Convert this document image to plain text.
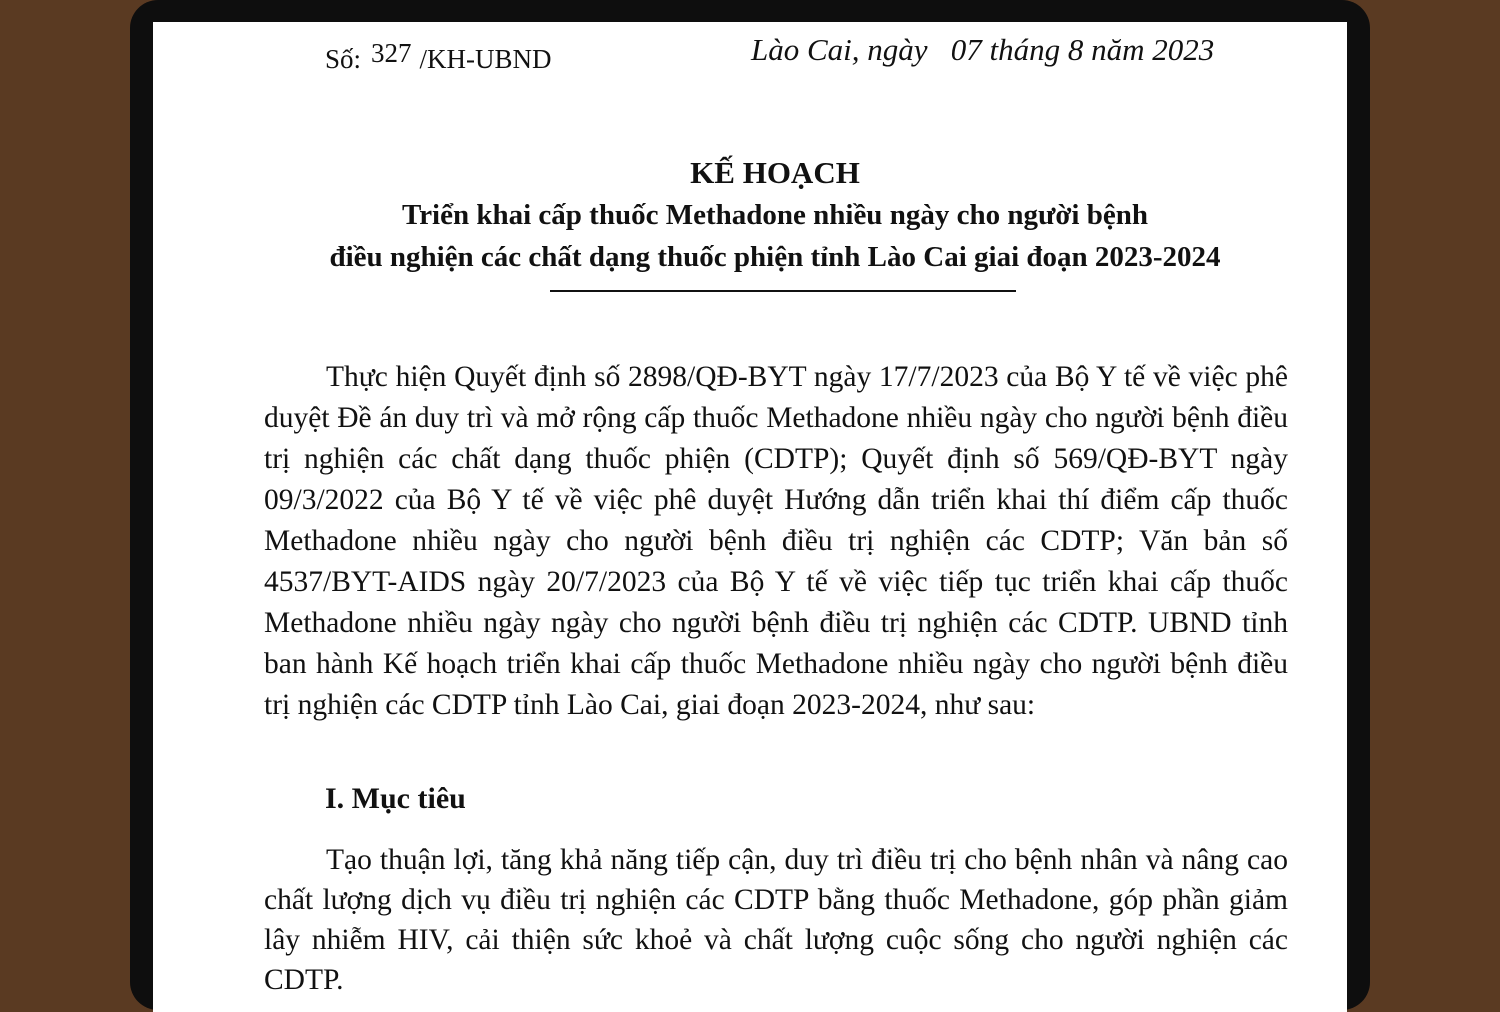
Số: 327 /KH-UBND	Lào Cai, ngày   07 tháng 8 năm 2023
KẾ HOẠCH
Triển khai cấp thuốc Methadone nhiều ngày cho người bệnh
điều nghiện các chất dạng thuốc phiện tỉnh Lào Cai giai đoạn 2023-2024

Thực hiện Quyết định số 2898/QĐ-BYT ngày 17/7/2023 của Bộ Y tế về việc phê duyệt Đề án duy trì và mở rộng cấp thuốc Methadone nhiều ngày cho người bệnh điều trị nghiện các chất dạng thuốc phiện (CDTP); Quyết định số 569/QĐ-BYT ngày 09/3/2022 của Bộ Y tế về việc phê duyệt Hướng dẫn triển khai thí điểm cấp thuốc Methadone nhiều ngày cho người bệnh điều trị nghiện các CDTP; Văn bản số 4537/BYT-AIDS ngày 20/7/2023 của Bộ Y tế về việc tiếp tục triển khai cấp thuốc Methadone nhiều ngày ngày cho người bệnh điều trị nghiện các CDTP. UBND tỉnh ban hành Kế hoạch triển khai cấp thuốc Methadone nhiều ngày cho người bệnh điều trị nghiện các CDTP tỉnh Lào Cai, giai đoạn 2023-2024, như sau:

I. Mục tiêu

Tạo thuận lợi, tăng khả năng tiếp cận, duy trì điều trị cho bệnh nhân và nâng cao chất lượng dịch vụ điều trị nghiện các CDTP bằng thuốc Methadone, góp phần giảm lây nhiễm HIV, cải thiện sức khoẻ và chất lượng cuộc sống cho người nghiện các CDTP.
